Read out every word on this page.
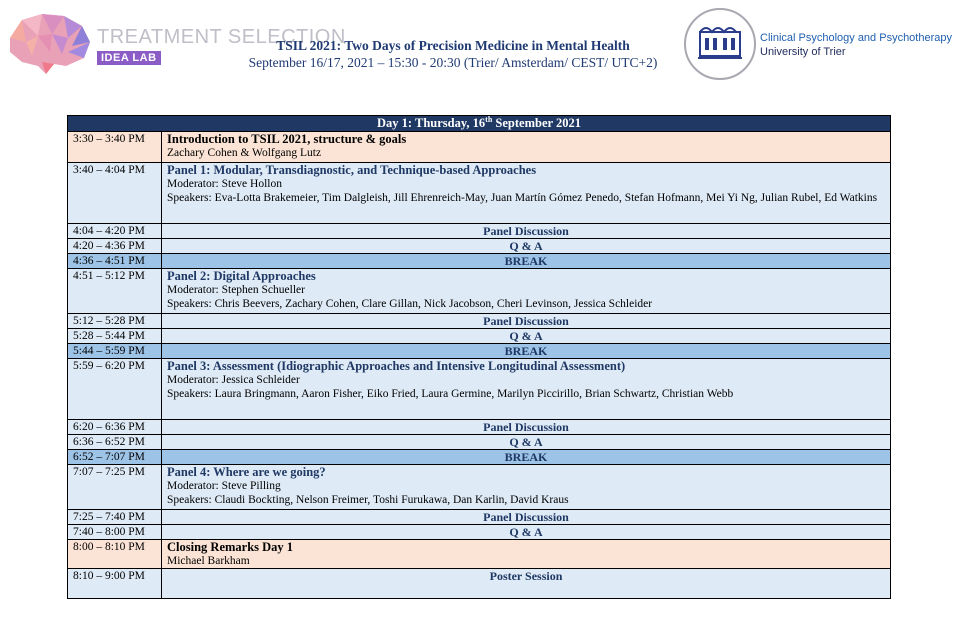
TREATMENT SELECTION
IDEA LAB
TSIL 2021: Two Days of Precision Medicine in Mental Health
September 16/17, 2021 – 15:30 - 20:30 (Trier/ Amsterdam/ CEST/ UTC+2)
Clinical Psychology and Psychotherapy
University of Trier
Day 1: Thursday, 16th September 2021	
3:30 – 3:40 PM	Introduction to TSIL 2021, structure & goals
Zachary Cohen & Wolfgang Lutz

3:40 – 4:04 PM	Panel 1: Modular, Transdiagnostic, and Technique-based Approaches
Moderator: Steve Hollon
Speakers: Eva-Lotta Brakemeier, Tim Dalgleish, Jill Ehrenreich-May, Juan Martín Gómez Penedo, Stefan Hofmann, Mei Yi Ng, Julian Rubel, Ed Watkins

4:04 – 4:20 PM	Panel Discussion
4:20 – 4:36 PM	Q & A
4:36 – 4:51 PM	BREAK
4:51 – 5:12 PM	Panel 2: Digital Approaches
Moderator: Stephen Schueller
Speakers: Chris Beevers, Zachary Cohen, Clare Gillan, Nick Jacobson, Cheri Levinson, Jessica Schleider

5:12 – 5:28 PM	Panel Discussion
5:28 – 5:44 PM	Q & A
5:44 – 5:59 PM	BREAK
5:59 – 6:20 PM	Panel 3: Assessment (Idiographic Approaches and Intensive Longitudinal Assessment)
Moderator: Jessica Schleider
Speakers: Laura Bringmann, Aaron Fisher, Eiko Fried, Laura Germine, Marilyn Piccirillo, Brian Schwartz, Christian Webb

6:20 – 6:36 PM	Panel Discussion
6:36 – 6:52 PM	Q & A
6:52 – 7:07 PM	BREAK
7:07 – 7:25 PM	Panel 4: Where are we going?
Moderator: Steve Pilling
Speakers: Claudi Bockting, Nelson Freimer, Toshi Furukawa, Dan Karlin, David Kraus

7:25 – 7:40 PM	Panel Discussion
7:40 – 8:00 PM	Q & A
8:00 – 8:10 PM	Closing Remarks Day 1
Michael Barkham

8:10 – 9:00 PM	Poster Session
